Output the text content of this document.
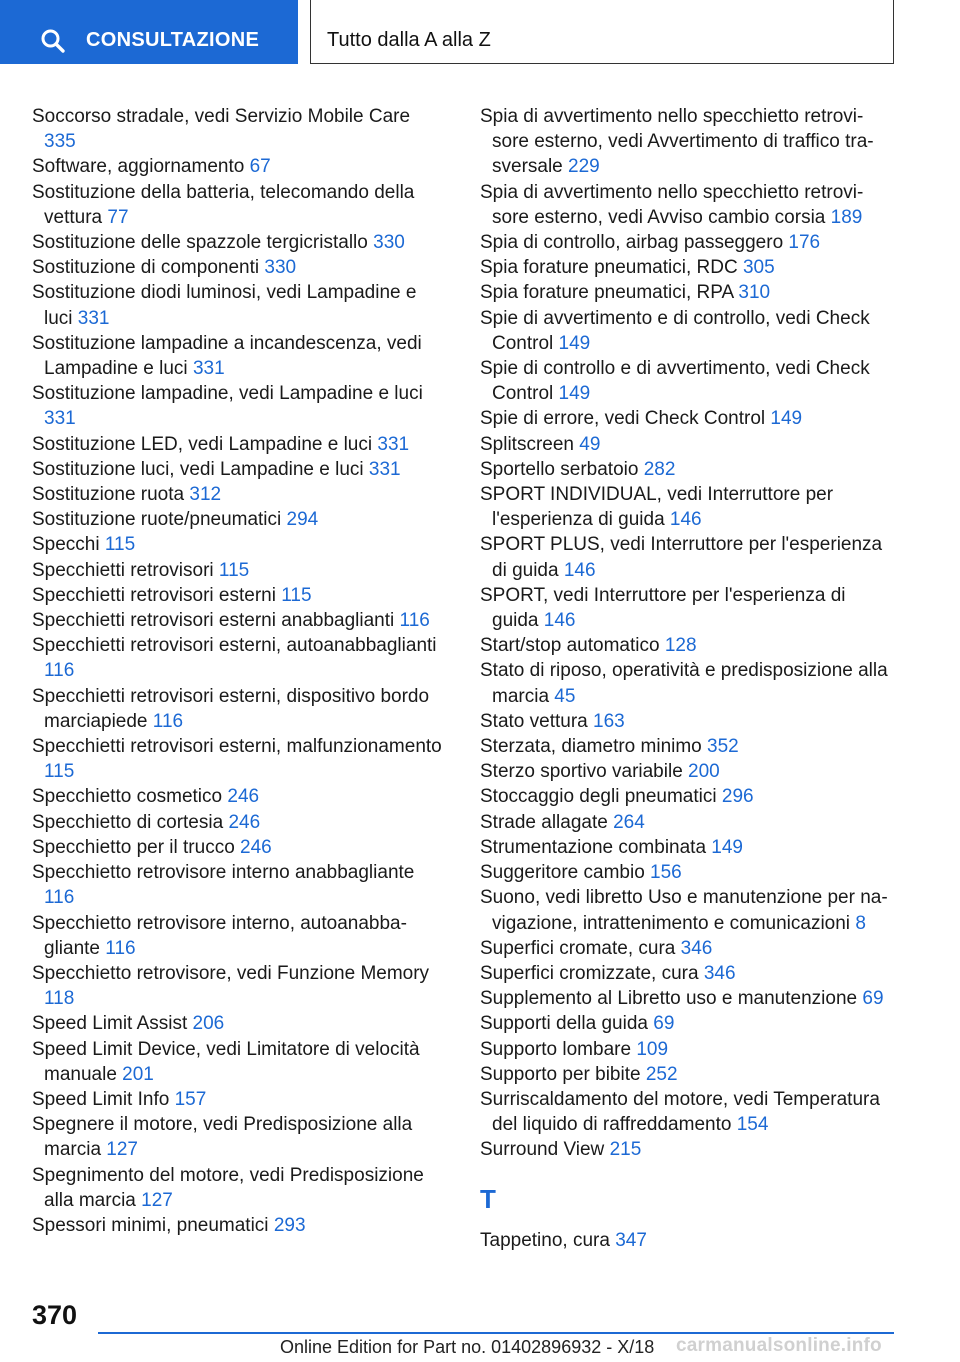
CONSULTAZIONE	Tutto dalla A alla Z
Soccorso stradale, vedi Servizio Mobile Care 335
Software, aggiornamento 67
Sostituzione della batteria, telecomando della vettura 77
Sostituzione delle spazzole tergicristallo 330
Sostituzione di componenti 330
Sostituzione diodi luminosi, vedi Lampadine e luci 331
Sostituzione lampadine a incandescenza, vedi Lampadine e luci 331
Sostituzione lampadine, vedi Lampadine e luci 331
Sostituzione LED, vedi Lampadine e luci 331
Sostituzione luci, vedi Lampadine e luci 331
Sostituzione ruota 312
Sostituzione ruote/pneumatici 294
Specchi 115
Specchietti retrovisori 115
Specchietti retrovisori esterni 115
Specchietti retrovisori esterni anabbaglianti 116
Specchietti retrovisori esterni, autoanabbaglianti 116
Specchietti retrovisori esterni, dispositivo bordo marciapiede 116
Specchietti retrovisori esterni, malfunzionamento 115
Specchietto cosmetico 246
Specchietto di cortesia 246
Specchietto per il trucco 246
Specchietto retrovisore interno anabbagliante 116
Specchietto retrovisore interno, autoanabbagliante 116
Specchietto retrovisore, vedi Funzione Memory 118
Speed Limit Assist 206
Speed Limit Device, vedi Limitatore di velocità manuale 201
Speed Limit Info 157
Spegnere il motore, vedi Predisposizione alla marcia 127
Spegnimento del motore, vedi Predisposizione alla marcia 127
Spessori minimi, pneumatici 293
Spia di avvertimento nello specchietto retrovisore esterno, vedi Avvertimento di traffico trasversale 229
Spia di avvertimento nello specchietto retrovisore esterno, vedi Avviso cambio corsia 189
Spia di controllo, airbag passeggero 176
Spia forature pneumatici, RDC 305
Spia forature pneumatici, RPA 310
Spie di avvertimento e di controllo, vedi Check Control 149
Spie di controllo e di avvertimento, vedi Check Control 149
Spie di errore, vedi Check Control 149
Splitscreen 49
Sportello serbatoio 282
SPORT INDIVIDUAL, vedi Interruttore per l'esperienza di guida 146
SPORT PLUS, vedi Interruttore per l'esperienza di guida 146
SPORT, vedi Interruttore per l'esperienza di guida 146
Start/stop automatico 128
Stato di riposo, operatività e predisposizione alla marcia 45
Stato vettura 163
Sterzata, diametro minimo 352
Sterzo sportivo variabile 200
Stoccaggio degli pneumatici 296
Strade allagate 264
Strumentazione combinata 149
Suggeritore cambio 156
Suono, vedi libretto Uso e manutenzione per navigazione, intrattenimento e comunicazioni 8
Superfici cromate, cura 346
Superfici cromizzate, cura 346
Supplemento al Libretto uso e manutenzione 69
Supporti della guida 69
Supporto lombare 109
Supporto per bibite 252
Surriscaldamento del motore, vedi Temperatura del liquido di raffreddamento 154
Surround View 215
T
Tappetino, cura 347
370
Online Edition for Part no. 01402896932 - X/18	carmanualsonline.info
